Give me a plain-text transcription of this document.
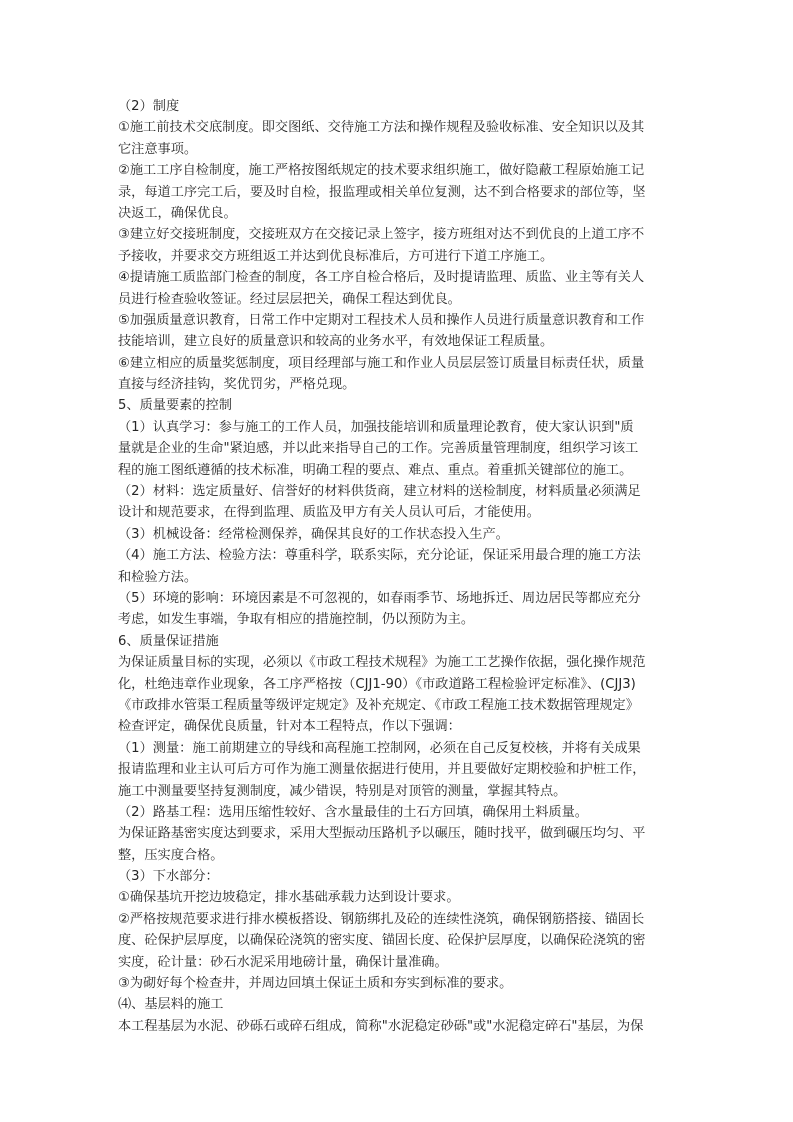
（2）制度
①施工前技术交底制度。即交图纸、交待施工方法和操作规程及验收标准、安全知识以及其
它注意事项。
②施工工序自检制度，施工严格按图纸规定的技术要求组织施工，做好隐蔽工程原始施工记
录，每道工序完工后，要及时自检，报监理或相关单位复测，达不到合格要求的部位等，坚
决返工，确保优良。
③建立好交接班制度，交接班双方在交接记录上签字，接方班组对达不到优良的上道工序不
予接收，并要求交方班组返工并达到优良标准后，方可进行下道工序施工。
④提请施工质监部门检查的制度，各工序自检合格后，及时提请监理、质监、业主等有关人
员进行检查验收签证。经过层层把关，确保工程达到优良。
⑤加强质量意识教育，日常工作中定期对工程技术人员和操作人员进行质量意识教育和工作
技能培训，建立良好的质量意识和较高的业务水平，有效地保证工程质量。
⑥建立相应的质量奖惩制度，项目经理部与施工和作业人员层层签订质量目标责任状，质量
直接与经济挂钩，奖优罚劣，严格兑现。
5、质量要素的控制
（1）认真学习：参与施工的工作人员，加强技能培训和质量理论教育，使大家认识到"质
量就是企业的生命"紧迫感，并以此来指导自己的工作。完善质量管理制度，组织学习该工
程的施工图纸遵循的技术标准，明确工程的要点、难点、重点。着重抓关键部位的施工。
（2）材料：选定质量好、信誉好的材料供货商，建立材料的送检制度，材料质量必须满足
设计和规范要求，在得到监理、质监及甲方有关人员认可后，才能使用。
（3）机械设备：经常检测保养，确保其良好的工作状态投入生产。
（4）施工方法、检验方法：尊重科学，联系实际，充分论证，保证采用最合理的施工方法
和检验方法。
（5）环境的影响：环境因素是不可忽视的，如春雨季节、场地拆迁、周边居民等都应充分
考虑，如发生事端，争取有相应的措施控制，仍以预防为主。
6、质量保证措施
为保证质量目标的实现，必须以《市政工程技术规程》为施工工艺操作依据，强化操作规范
化，杜绝违章作业现象，各工序严格按（CJJ1-90）《市政道路工程检验评定标准》、(CJJ3)
《市政排水管渠工程质量等级评定规定》及补充规定、《市政工程施工技术数据管理规定》
检查评定，确保优良质量，针对本工程特点，作以下强调：
（1）测量：施工前期建立的导线和高程施工控制网，必须在自己反复校核，并将有关成果
报请监理和业主认可后方可作为施工测量依据进行使用，并且要做好定期校验和护桩工作，
施工中测量要坚持复测制度，减少错误，特别是对顶管的测量，掌握其特点。
（2）路基工程：选用压缩性较好、含水量最佳的土石方回填，确保用土料质量。
为保证路基密实度达到要求，采用大型振动压路机予以碾压，随时找平，做到碾压均匀、平
整，压实度合格。
（3）下水部分：
①确保基坑开挖边坡稳定，排水基础承载力达到设计要求。
②严格按规范要求进行排水模板搭设、钢筋绑扎及砼的连续性浇筑，确保钢筋搭接、锚固长
度、砼保护层厚度，以确保砼浇筑的密实度、锚固长度、砼保护层厚度，以确保砼浇筑的密
实度，砼计量：砂石水泥采用地磅计量，确保计量准确。
③为砌好每个检查井，并周边回填土保证土质和夯实到标准的要求。
⑷、基层料的施工
本工程基层为水泥、砂砾石或碎石组成，简称"水泥稳定砂砾"或"水泥稳定碎石"基层，为保
